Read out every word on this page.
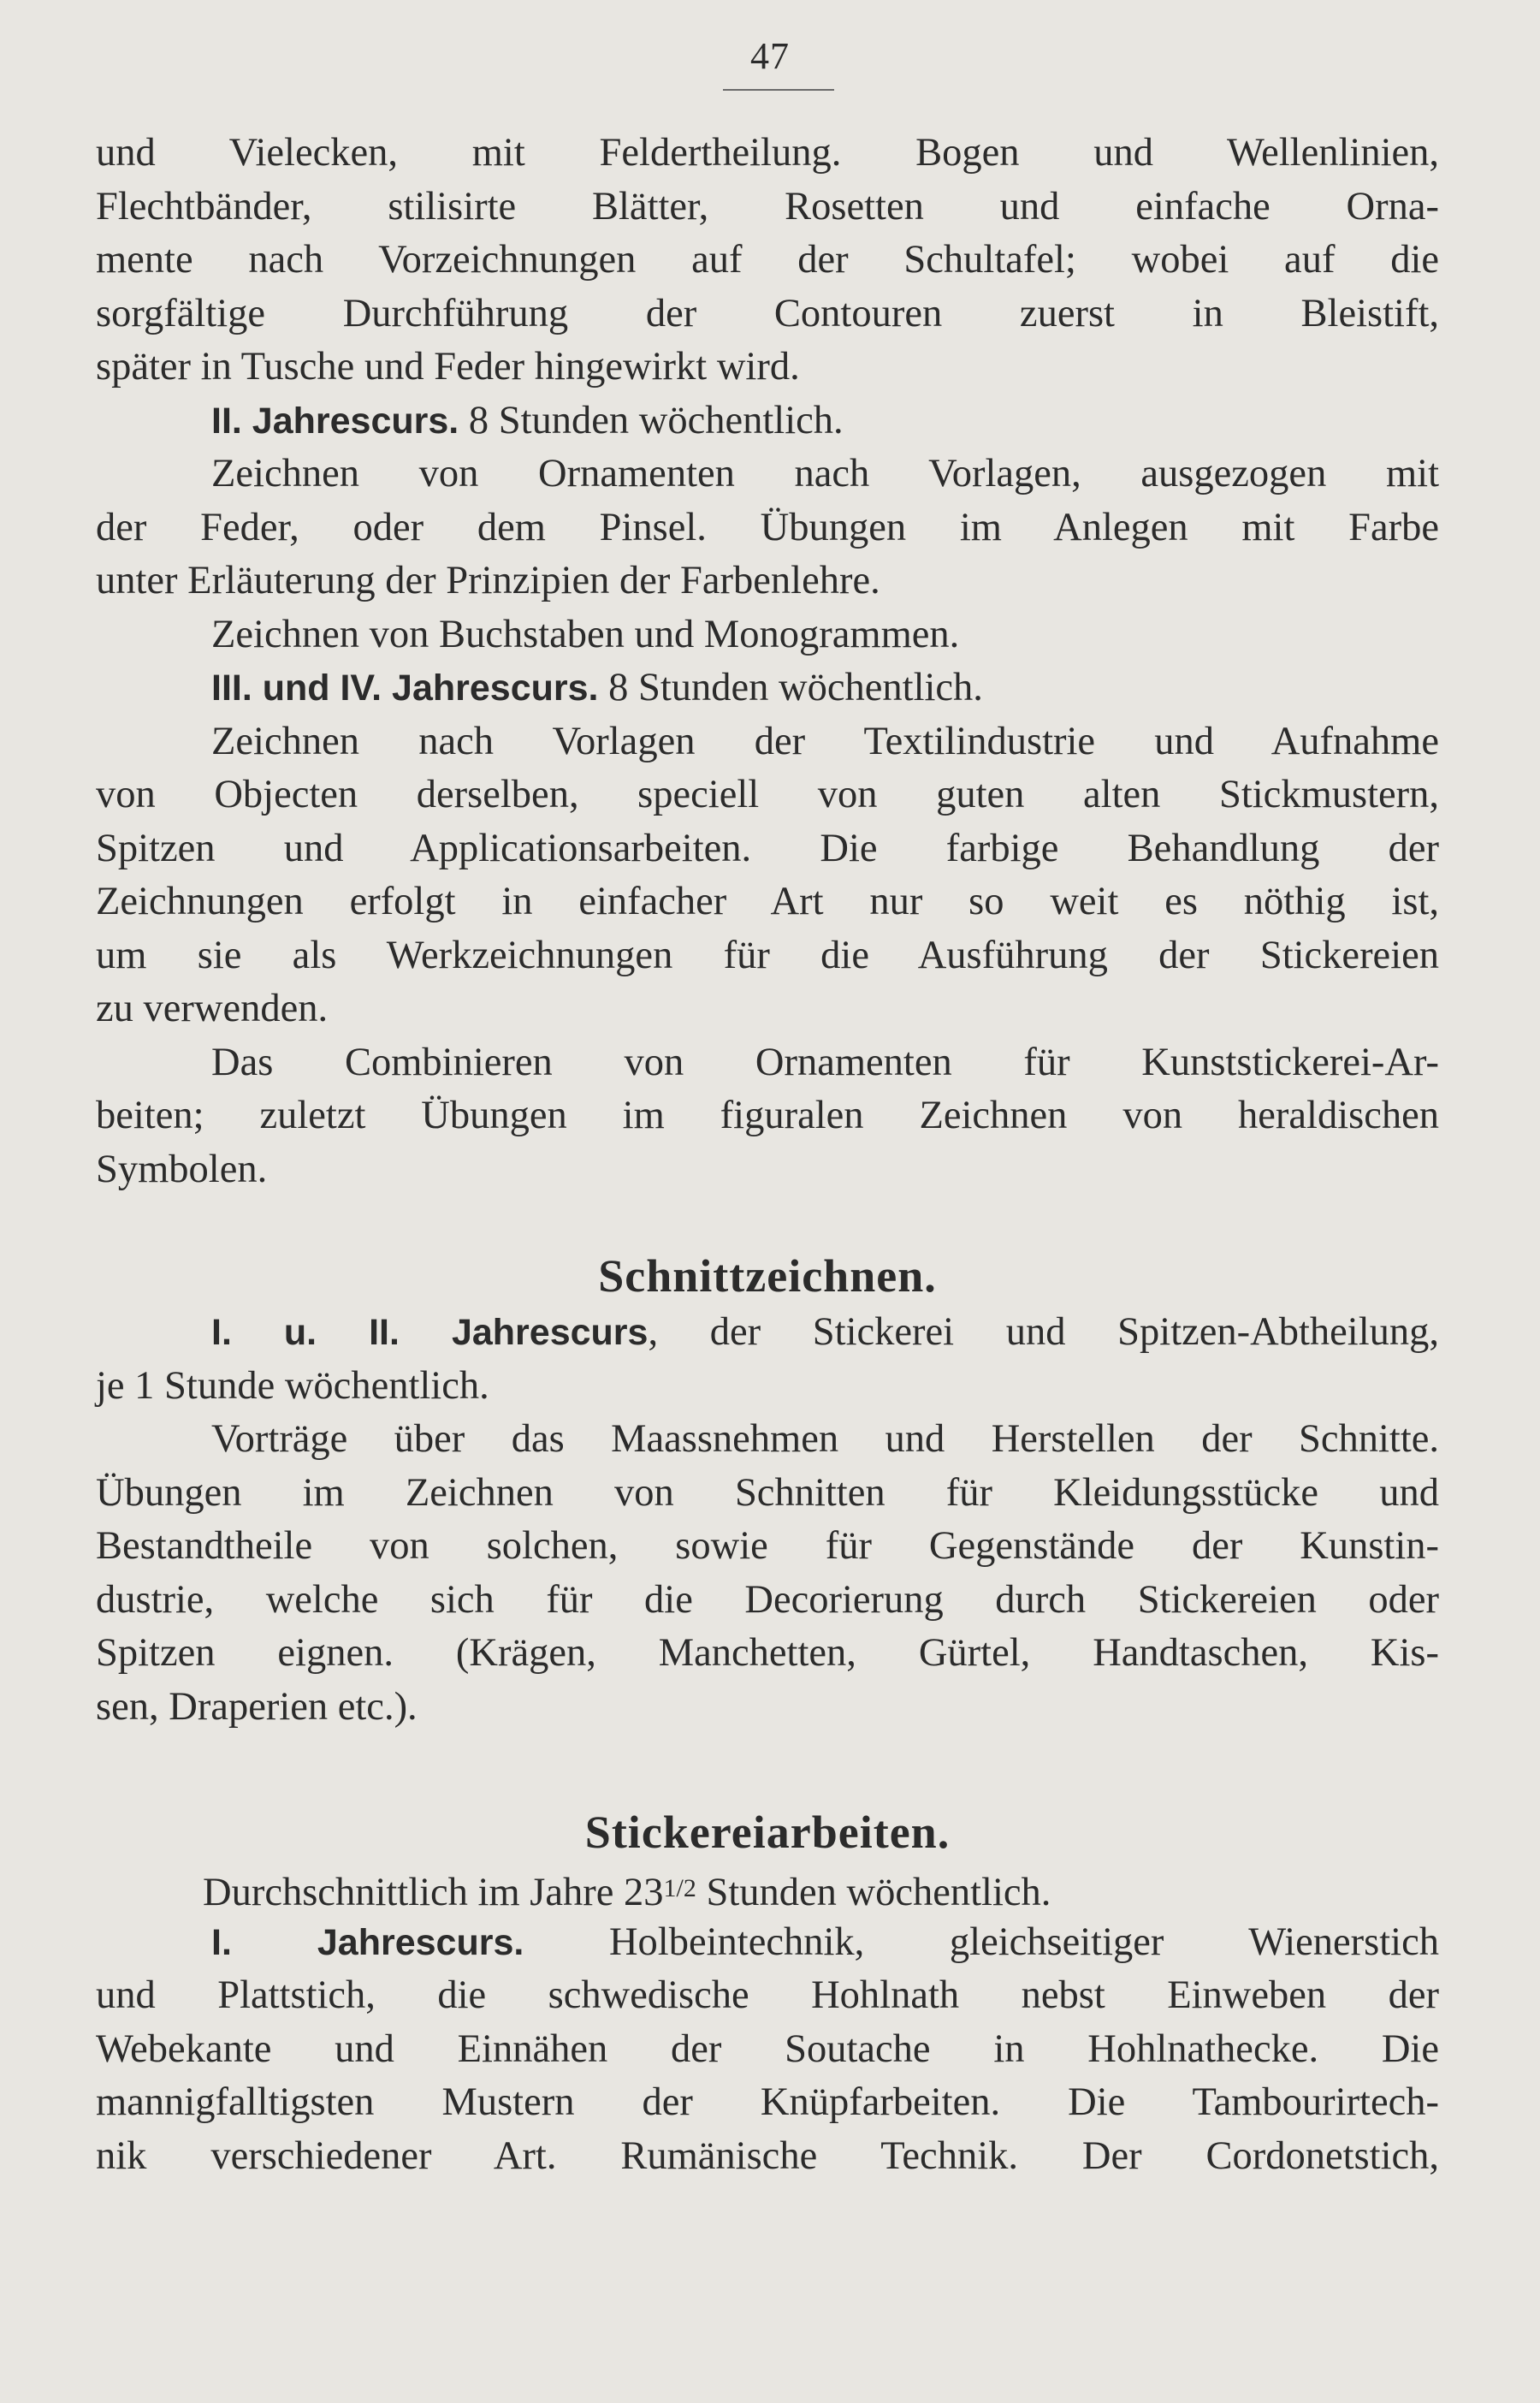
47
und Vielecken, mit Feldertheilung. Bogen und Wellenlinien,
Flechtbänder, stilisirte Blätter, Rosetten und einfache Orna-
mente nach Vorzeichnungen auf der Schultafel; wobei auf die
sorgfältige Durchführung der Contouren zuerst in Bleistift,
später in Tusche und Feder hingewirkt wird.
II. Jahrescurs. 8 Stunden wöchentlich.
Zeichnen von Ornamenten nach Vorlagen, ausgezogen mit
der Feder, oder dem Pinsel. Übungen im Anlegen mit Farbe
unter Erläuterung der Prinzipien der Farbenlehre.
Zeichnen von Buchstaben und Monogrammen.
III. und IV. Jahrescurs. 8 Stunden wöchentlich.
Zeichnen nach Vorlagen der Textilindustrie und Aufnahme
von Objecten derselben, speciell von guten alten Stickmustern,
Spitzen und Applicationsarbeiten. Die farbige Behandlung der
Zeichnungen erfolgt in einfacher Art nur so weit es nöthig ist,
um sie als Werkzeichnungen für die Ausführung der Stickereien
zu verwenden.
Das Combinieren von Ornamenten für Kunststickerei-Ar-
beiten; zuletzt Übungen im figuralen Zeichnen von heraldischen
Symbolen.
Schnittzeichnen.
I. u. II. Jahrescurs, der Stickerei und Spitzen-Abtheilung,
je 1 Stunde wöchentlich.
Vorträge über das Maassnehmen und Herstellen der Schnitte.
Übungen im Zeichnen von Schnitten für Kleidungsstücke und
Bestandtheile von solchen, sowie für Gegenstände der Kunstin-
dustrie, welche sich für die Decorierung durch Stickereien oder
Spitzen eignen. (Krägen, Manchetten, Gürtel, Handtaschen, Kis-
sen, Draperien etc.).
Stickereiarbeiten.
Durchschnittlich im Jahre $23^{1/2}$ Stunden wöchentlich.
I. Jahrescurs. Holbeintechnik, gleichseitiger Wienerstich
und Plattstich, die schwedische Hohlnath nebst Einweben der
Webekante und Einnähen der Soutache in Hohlnathecke. Die
mannigfalltigsten Mustern der Knüpfarbeiten. Die Tambourirtech-
nik verschiedener Art. Rumänische Technik. Der Cordonetstich,
